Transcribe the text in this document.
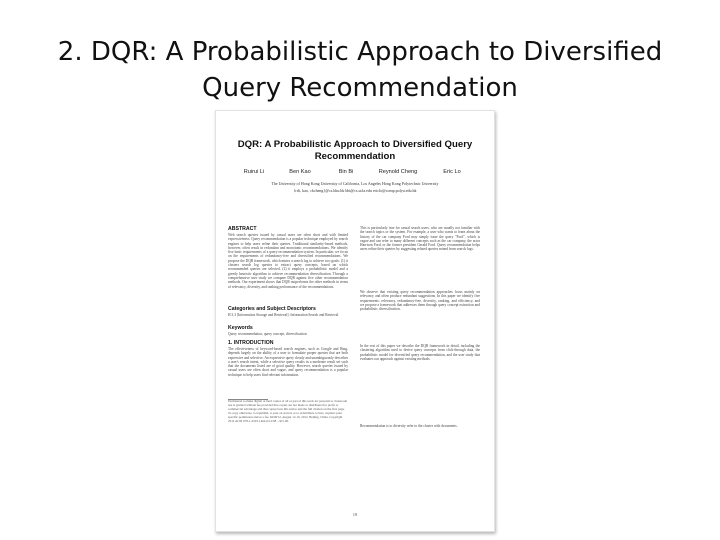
2. DQR: A Probabilistic Approach to Diversified Query Recommendation
DQR: A Probabilistic Approach to Diversified Query Recommendation
Ruirui Li	Ben Kao	Bin Bi	Reynold Cheng	Eric Lo
The University of Hong Kong University of California, Los Angeles Hong Kong Polytechnic University
{rrli, kao, ckcheng}@cs.hku.hk bbi@cs.ucla.edu ericlo@comp.polyu.edu.hk
ABSTRACT
Web search queries issued by casual users are often short and with limited expressiveness. Query recommendation is a popular technique employed by search engines to help users refine their queries. Traditional similarity-based methods, however, often result in redundant and monotonic recommendations. We identify five basic requirements of a query recommendation system. In particular, we focus on the requirements of redundancy-free and diversified recommendations. We propose the DQR framework, which mines a search log to achieve two goals: (1) it clusters search log queries to extract query concepts, based on which recommended queries are selected. (2) it employs a probabilistic model and a greedy heuristic algorithm to achieve recommendation diversification. Through a comprehensive user study we compare DQR against five other recommendation methods. Our experiment shows that DQR outperforms the other methods in terms of relevancy, diversity, and ranking performance of the recommendations.
Categories and Subject Descriptors
H.3.3 [Information Storage and Retrieval]: Information Search and Retrieval
Keywords
Query recommendation, query concept, diversification
1. INTRODUCTION
The effectiveness of keyword-based search engines, such as Google and Bing, depends largely on the ability of a user to formulate proper queries that are both expressive and selective. An expressive query clearly and unambiguously describes a user's search intent, while a selective query results in a moderate result set such that the documents listed are of good quality. However, search queries issued by casual users are often short and vague, and query recommendation is a popular technique to help users find relevant information.
Permission to make digital or hard copies of all or part of this work for personal or classroom use is granted without fee provided that copies are not made or distributed for profit or commercial advantage and that copies bear this notice and the full citation on the first page. To copy otherwise, to republish, to post on servers or to redistribute to lists, requires prior specific permission and/or a fee. KDD'12, August 12-16, 2012, Beijing, China. Copyright 2012 ACM 978-1-4503-1462-6/12/08 ...$15.00.
This is particularly true for casual search users, who are usually not familiar with the search topics or the system. For example, a user who wants to learn about the history of the car company Ford may simply issue the query "Ford", which is vague and can refer to many different concepts such as the car company, the actor Harrison Ford, or the former president Gerald Ford. Query recommendation helps users refine their queries by suggesting related queries mined from search logs.
We observe that existing query recommendation approaches focus mainly on relevancy and often produce redundant suggestions. In this paper we identify five requirements: relevancy, redundancy-free, diversity, ranking, and efficiency, and we propose a framework that addresses them through query concept extraction and probabilistic diversification.
In the rest of this paper we describe the DQR framework in detail, including the clustering algorithm used to derive query concepts from click-through data, the probabilistic model for diversified query recommendation, and the user study that evaluates our approach against existing methods.
Recommendation is to diversity refer to the cluster with documents.
18
